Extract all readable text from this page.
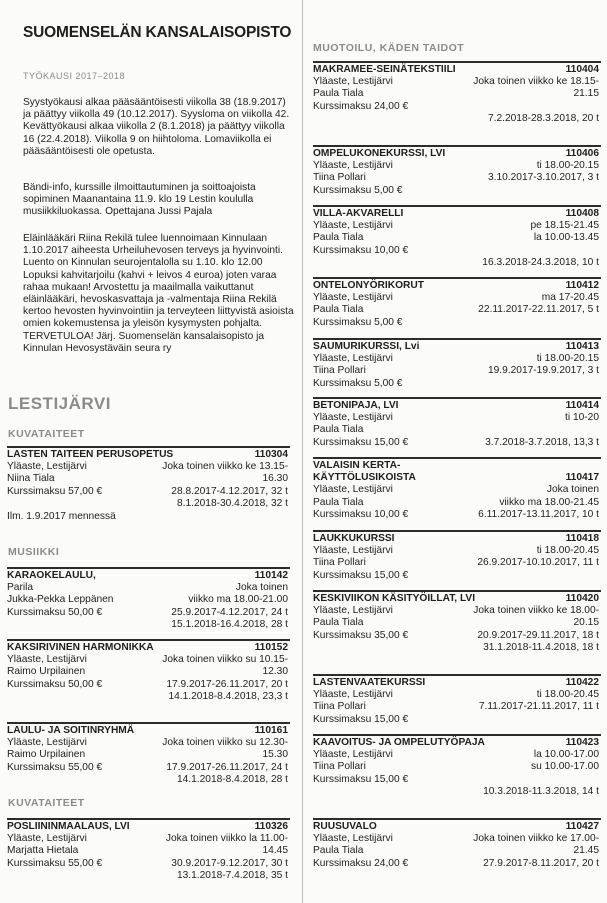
SUOMENSELÄN KANSALAISOPISTO
TYÖKAUSI 2017–2018

Syystyökausi alkaa pääsääntöisesti viikolla 38 (18.9.2017) ja päättyy viikolla 49 (10.12.2017). Syysloma on viikolla 42. Kevättyökausi alkaa viikolla 2 (8.1.2018) ja päättyy viikolla 16 (22.4.2018). Viikolla 9 on hiihtoloma. Lomaviikolla ei pääsääntöisesti ole opetusta.

Bändi-info, kurssille ilmoittautuminen ja soittoajoista sopiminen Maanantaina 11.9. klo 19 Lestin koululla musiikkiluokassa. Opettajana Jussi Pajala

Eläinlääkäri Riina Rekilä tulee luennoimaan Kinnulaan 1.10.2017 aiheesta Urheiluhevosen terveys ja hyvinvointi. Luento on Kinnulan seurojentalolla su 1.10. klo 12.00 Lopuksi kahvitarjoilu (kahvi + leivos 4 euroa) joten varaa rahaa mukaan! Arvostettu ja maailmalla vaikuttanut eläinlääkäri, hevoskasvattaja ja -valmentaja Riina Rekilä kertoo hevosten hyvinvointiin ja terveyteen liittyvistä asioista omien kokemustensa ja yleisön kysymysten pohjalta. TERVETULOA! Järj. Suomenselän kansalaisopisto ja Kinnulan Hevosystäväin seura ry

LESTIJÄRVI
KUVATAITEET
LASTEN TAITEEN PERUSOPETUS	110304
Yläaste, Lestijärvi	Joka toinen viikko ke 13.15-
Niina Tiala	16.30
Kurssimaksu 57,00 €	28.8.2017-4.12.2017, 32 t
8.1.2018-30.4.2018, 32 t
Ilm. 1.9.2017 mennessä
MUSIIKKI
KARAOKELAULU,	110142
Parila	Joka toinen
Jukka-Pekka Leppänen	viikko ma 18.00-21.00
Kurssimaksu 50,00 €	25.9.2017-4.12.2017, 24 t
15.1.2018-16.4.2018, 28 t
KAKSIRIVINEN HARMONIKKA	110152
Yläaste, Lestijärvi	Joka toinen viikko su 10.15-
Raimo Urpilainen	12.30
Kurssimaksu 50,00 €	17.9.2017-26.11.2017, 20 t
14.1.2018-8.4.2018, 23,3 t
LAULU- JA SOITINRYHMÄ	110161
Yläaste, Lestijärvi	Joka toinen viikko su 12.30-
Raimo Urpilainen	15.30
Kurssimaksu 55,00 €	17.9.2017-26.11.2017, 24 t
14.1.2018-8.4.2018, 28 t
KUVATAITEET
POSLIININMAALAUS, LVI	110326
Yläaste, Lestijärvi	Joka toinen viikko la 11.00-
Marjatta Hietala	14.45
Kurssimaksu 55,00 €	30.9.2017-9.12.2017, 30 t
13.1.2018-7.4.2018, 35 t
MUOTOILU, KÄDEN TAIDOT
MAKRAMEE-SEINÄTEKSTIILI	110404
Yläaste, Lestijärvi	Joka toinen viikko ke 18.15-
Paula Tiala	21.15
Kurssimaksu 24,00 €
7.2.2018-28.3.2018, 20 t
OMPELUKONEKURSSI, LVI	110406
Yläaste, Lestijärvi	ti 18.00-20.15
Tiina Pollari	3.10.2017-3.10.2017, 3 t
Kurssimaksu 5,00 €
VILLA-AKVARELLI	110408
Yläaste, Lestijärvi	pe 18.15-21.45
Paula Tiala	la 10.00-13.45
Kurssimaksu 10,00 €
16.3.2018-24.3.2018, 10 t
ONTELONYÖRIKORUT	110412
Yläaste, Lestijärvi	ma 17-20.45
Paula Tiala	22.11.2017-22.11.2017, 5 t
Kurssimaksu 5,00 €
SAUMURIKURSSI, Lvi	110413
Yläaste, Lestijärvi	ti 18.00-20.15
Tiina Pollari	19.9.2017-19.9.2017, 3 t
Kurssimaksu 5,00 €
BETONIPAJA, LVI	110414
Yläaste, Lestijärvi	ti 10-20
Paula Tiala
Kurssimaksu 15,00 €	3.7.2018-3.7.2018, 13,3 t
VALAISIN KERTA-KÄYTTÖLUSIKOISTA	110417
Yläaste, Lestijärvi	Joka toinen
Paula Tiala	viikko ma 18.00-21.45
Kurssimaksu 10,00 €	6.11.2017-13.11.2017, 10 t
LAUKKUKURSSI	110418
Yläaste, Lestijärvi	ti 18.00-20.45
Tiina Pollari	26.9.2017-10.10.2017, 11 t
Kurssimaksu 15,00 €
KESKIVIIKON KÄSITYÖILLAT, LVI	110420
Yläaste, Lestijärvi	Joka toinen viikko ke 18.00-
Paula Tiala	20.15
Kurssimaksu 35,00 €	20.9.2017-29.11.2017, 18 t
31.1.2018-11.4.2018, 18 t
LASTENVAATEKURSSI	110422
Yläaste, Lestijärvi	ti 18.00-20.45
Tiina Pollari	7.11.2017-21.11.2017, 11 t
Kurssimaksu 15,00 €
KAAVOITUS- JA OMPELUTYÖPAJA	110423
Yläaste, Lestijärvi	la 10.00-17.00
Tiina Pollari	su 10.00-17.00
Kurssimaksu 15,00 €
10.3.2018-11.3.2018, 14 t
RUUSUVALO	110427
Yläaste, Lestijärvi	Joka toinen viikko ke 17.00-
Paula Tiala	21.45
Kurssimaksu 24,00 €	27.9.2017-8.11.2017, 20 t
